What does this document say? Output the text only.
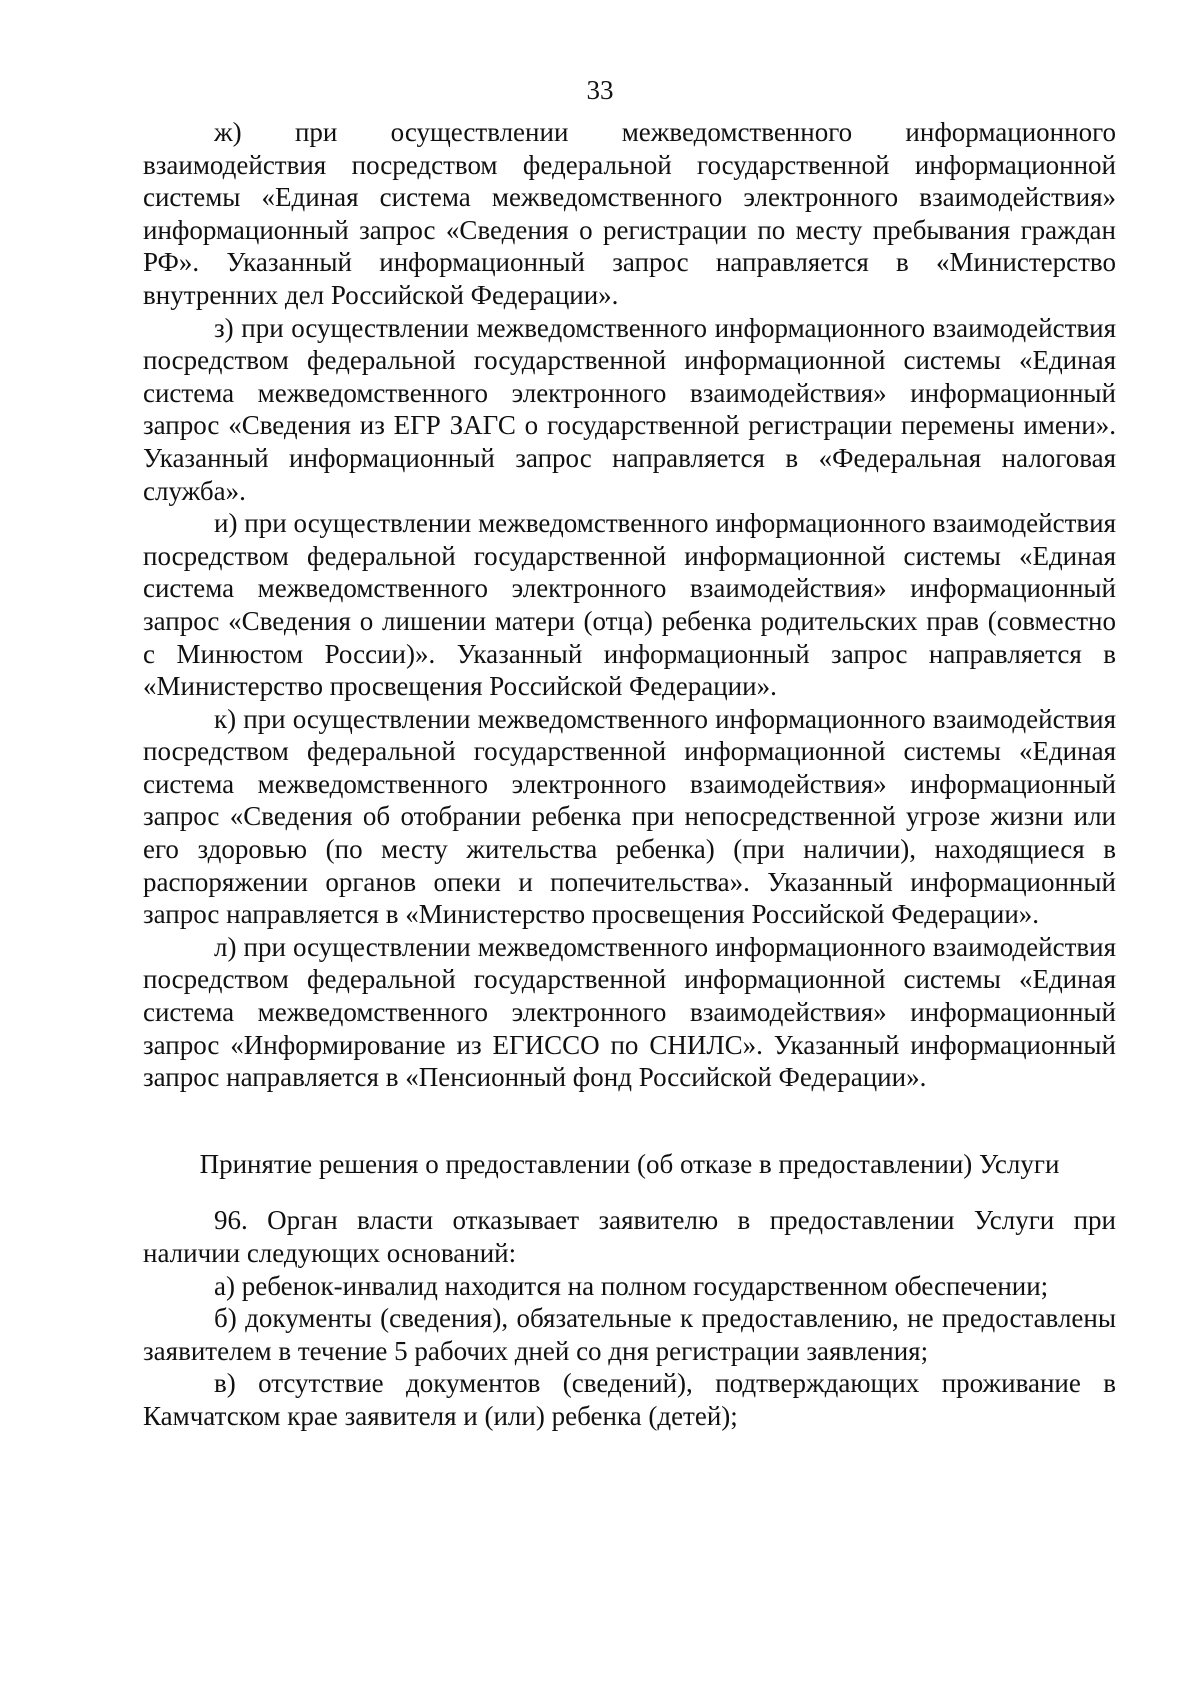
33

ж) при осуществлении межведомственного информационного взаимодействия посредством федеральной государственной информационной системы «Единая система межведомственного электронного взаимодействия» информационный запрос «Сведения о регистрации по месту пребывания граждан РФ». Указанный информационный запрос направляется в «Министерство внутренних дел Российской Федерации».

з) при осуществлении межведомственного информационного взаимодействия посредством федеральной государственной информационной системы «Единая система межведомственного электронного взаимодействия» информационный запрос «Сведения из ЕГР ЗАГС о государственной регистрации перемены имени». Указанный информационный запрос направляется в «Федеральная налоговая служба».

и) при осуществлении межведомственного информационного взаимодействия посредством федеральной государственной информационной системы «Единая система межведомственного электронного взаимодействия» информационный запрос «Сведения о лишении матери (отца) ребенка родительских прав (совместно с Минюстом России)». Указанный информационный запрос направляется в «Министерство просвещения Российской Федерации».

к) при осуществлении межведомственного информационного взаимодействия посредством федеральной государственной информационной системы «Единая система межведомственного электронного взаимодействия» информационный запрос «Сведения об отобрании ребенка при непосредственной угрозе жизни или его здоровью (по месту жительства ребенка) (при наличии), находящиеся в распоряжении органов опеки и попечительства». Указанный информационный запрос направляется в «Министерство просвещения Российской Федерации».

л) при осуществлении межведомственного информационного взаимодействия посредством федеральной государственной информационной системы «Единая система межведомственного электронного взаимодействия» информационный запрос «Информирование из ЕГИССО по СНИЛС». Указанный информационный запрос направляется в «Пенсионный фонд Российской Федерации».

Принятие решения о предоставлении (об отказе в предоставлении) Услуги

96. Орган власти отказывает заявителю в предоставлении Услуги при наличии следующих оснований:

а) ребенок-инвалид находится на полном государственном обеспечении;

б) документы (сведения), обязательные к предоставлению, не предоставлены заявителем в течение 5 рабочих дней со дня регистрации заявления;

в) отсутствие документов (сведений), подтверждающих проживание в Камчатском крае заявителя и (или) ребенка (детей);
